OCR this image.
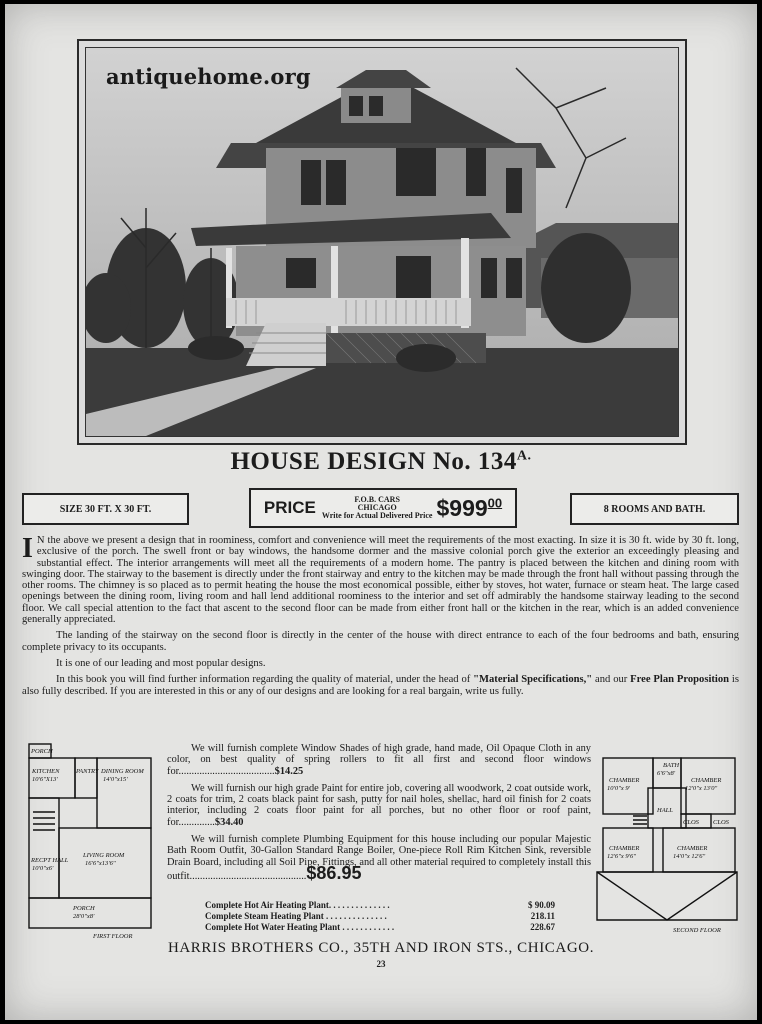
antiquehome.org
HOUSE DESIGN No. $134^{A.}$
SIZE 30 FT. X 30 FT.	PRICE	F.O.B. CARS
CHICAGO
Write for Actual Delivered Price $\$999^{00}$	8 ROOMS AND BATH.

I N the above we present a design that in roominess, comfort and convenience will meet the requirements of the most exacting. In size it is 30 ft. wide by 30 ft. long, exclusive of the porch. The swell front or bay windows, the handsome dormer and the massive colonial porch give the exterior an exceedingly pleasing and substantial effect. The interior arrangements will meet all the requirements of a modern home. The pantry is placed between the kitchen and dining room with swinging door. The stairway to the basement is directly under the front stairway and entry to the kitchen may be made through the front hall without passing through the other rooms. The chimney is so placed as to permit heating the house the most economical possible, either by stoves, hot water, furnace or steam heat. The large cased openings between the dining room, living room and hall lend additional roominess to the interior and set off admirably the handsome stairway leading to the second floor. We call special attention to the fact that ascent to the second floor can be made from either front hall or the kitchen in the rear, which is an added convenience generally appreciated.

The landing of the stairway on the second floor is directly in the center of the house with direct entrance to each of the four bedrooms and bath, ensuring complete privacy to its occupants.

It is one of our leading and most popular designs.

In this book you will find further information regarding the quality of material, under the head of "Material Specifications," and our Free Plan Proposition is also fully described. If you are interested in this or any of our designs and are looking for a real bargain, write us fully.

PORCH
KITCHEN
10'6"X13'
PANTRY DINING ROOM
14'0"x15'
RECPT HALL
10'0"x6'
LIVING ROOM
16'6"x13'6"
PORCH
28'0"x8'
FIRST FLOOR

We will furnish complete Window Shades of high grade, hand made, Oil Opaque Cloth in any color, on best quality of spring rollers to fit all first and second floor windows for.....................................$14.25

We will furnish our high grade Paint for entire job, covering all woodwork, 2 coat outside work, 2 coats for trim, 2 coats black paint for sash, putty for nail holes, shellac, hard oil finish for 2 coats interior, including 2 coats floor paint for all porches, but no other floor or roof paint, for..............$34.40

We will furnish complete Plumbing Equipment for this house including our popular Majestic Bath Room Outfit, 30-Gallon Standard Range Boiler, One-piece Roll Rim Kitchen Sink, reversible Drain Board, including all Soil Pipe, Fittings, and all other material required to completely install this outfit.............................................$86.95

Complete Hot Air Heating Plant. . . . . . . . . . . . . .	$ 90.09
Complete Steam Heating Plant . . . . . . . . . . . . . .	218.11
Complete Hot Water Heating Plant . . . . . . . . . . . .	228.67
BATH
6'6"x8'
CHAMBER
10'0"x 9'
CHAMBER
12'0"x 13'0"
HALL
CLOS CLOS
CHAMBER
12'6"x 9'6"
CHAMBER
14'0"x 12'6"
SECOND FLOOR
HARRIS BROTHERS CO., 35TH AND IRON STS., CHICAGO.
23
